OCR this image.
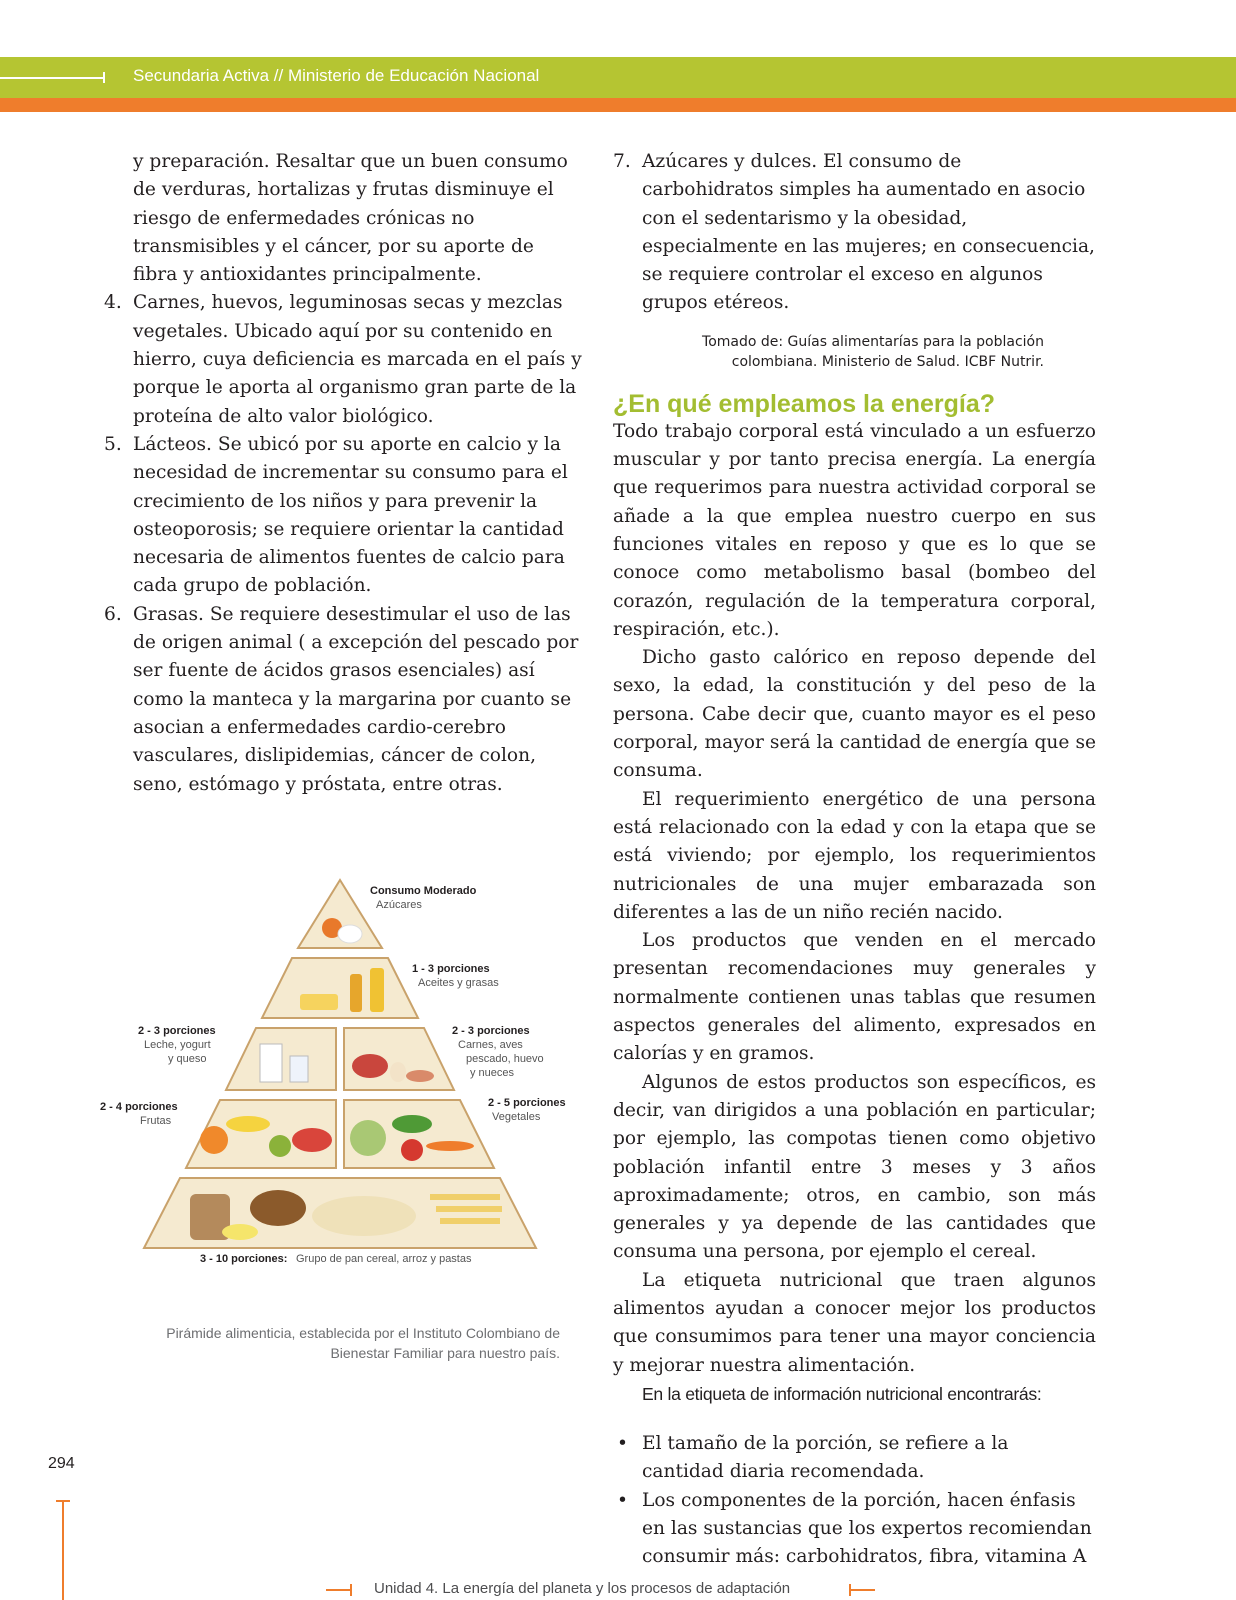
Secundaria Activa // Ministerio de Educación Nacional

y preparación. Resaltar que un buen consumo de verduras, hortalizas y frutas disminuye el riesgo de enfermedades crónicas no transmisibles y el cáncer, por su aporte de fibra y antioxidantes principalmente.

4. Carnes, huevos, leguminosas secas y mezclas vegetales. Ubicado aquí por su contenido en hierro, cuya deficiencia es marcada en el país y porque le aporta al organismo gran parte de la proteína de alto valor biológico.
5. Lácteos. Se ubicó por su aporte en calcio y la necesidad de incrementar su consumo para el crecimiento de los niños y para prevenir la osteoporosis; se requiere orientar la cantidad necesaria de alimentos fuentes de calcio para cada grupo de población.
6. Grasas. Se requiere desestimular el uso de las de origen animal ( a excepción del pescado por ser fuente de ácidos grasos esenciales) así como la manteca y la margarina por cuanto se asocian a enfermedades cardio-cerebro vasculares, dislipidemias, cáncer de colon, seno, estómago y próstata, entre otras.
Consumo Moderado
Azúcares
1 - 3 porciones
Aceites y grasas
2 - 3 porciones
Leche, yogurt
y queso
2 - 3 porciones
Carnes, aves
pescado, huevo
y nueces
2 - 4 porciones
Frutas
2 - 5 porciones
Vegetales
3 - 10 porciones: Grupo de pan cereal, arroz y pastas
Pirámide alimenticia, establecida por el Instituto Colombiano de
Bienestar Familiar para nuestro país.
7. Azúcares y dulces. El consumo de carbohidratos simples ha aumentado en asocio con el sedentarismo y la obesidad, especialmente en las mujeres; en consecuencia, se requiere controlar el exceso en algunos grupos etéreos.
Tomado de: Guías alimentarías para la población
colombiana. Ministerio de Salud. ICBF Nutrir.
¿En qué empleamos la energía?

Todo trabajo corporal está vinculado a un esfuerzo muscular y por tanto precisa energía. La energía que requerimos para nuestra actividad corporal se añade a la que emplea nuestro cuerpo en sus funciones vitales en reposo y que es lo que se conoce como metabolismo basal (bombeo del corazón, regulación de la temperatura corporal, respiración, etc.).

Dicho gasto calórico en reposo depende del sexo, la edad, la constitución y del peso de la persona. Cabe decir que, cuanto mayor es el peso corporal, mayor será la cantidad de energía que se consuma.

El requerimiento energético de una persona está relacionado con la edad y con la etapa que se está viviendo; por ejemplo, los requerimientos nutricionales de una mujer embarazada son diferentes a las de un niño recién nacido.

Los productos que venden en el mercado presentan recomendaciones muy generales y normalmente contienen unas tablas que resumen aspectos generales del alimento, expresados en calorías y en gramos.

Algunos de estos productos son específicos, es decir, van dirigidos a una población en particular; por ejemplo, las compotas tienen como objetivo población infantil entre 3 meses y 3 años aproximadamente; otros, en cambio, son más generales y ya depende de las cantidades que consuma una persona, por ejemplo el cereal.

La etiqueta nutricional que traen algunos alimentos ayudan a conocer mejor los productos que consumimos para tener una mayor conciencia y mejorar nuestra alimentación.

En la etiqueta de información nutricional encontrarás:

• El tamaño de la porción, se refiere a la cantidad diaria recomendada.
• Los componentes de la porción, hacen énfasis en las sustancias que los expertos recomiendan consumir más: carbohidratos, fibra, vitamina A
294
Unidad 4. La energía del planeta y los procesos de adaptación
